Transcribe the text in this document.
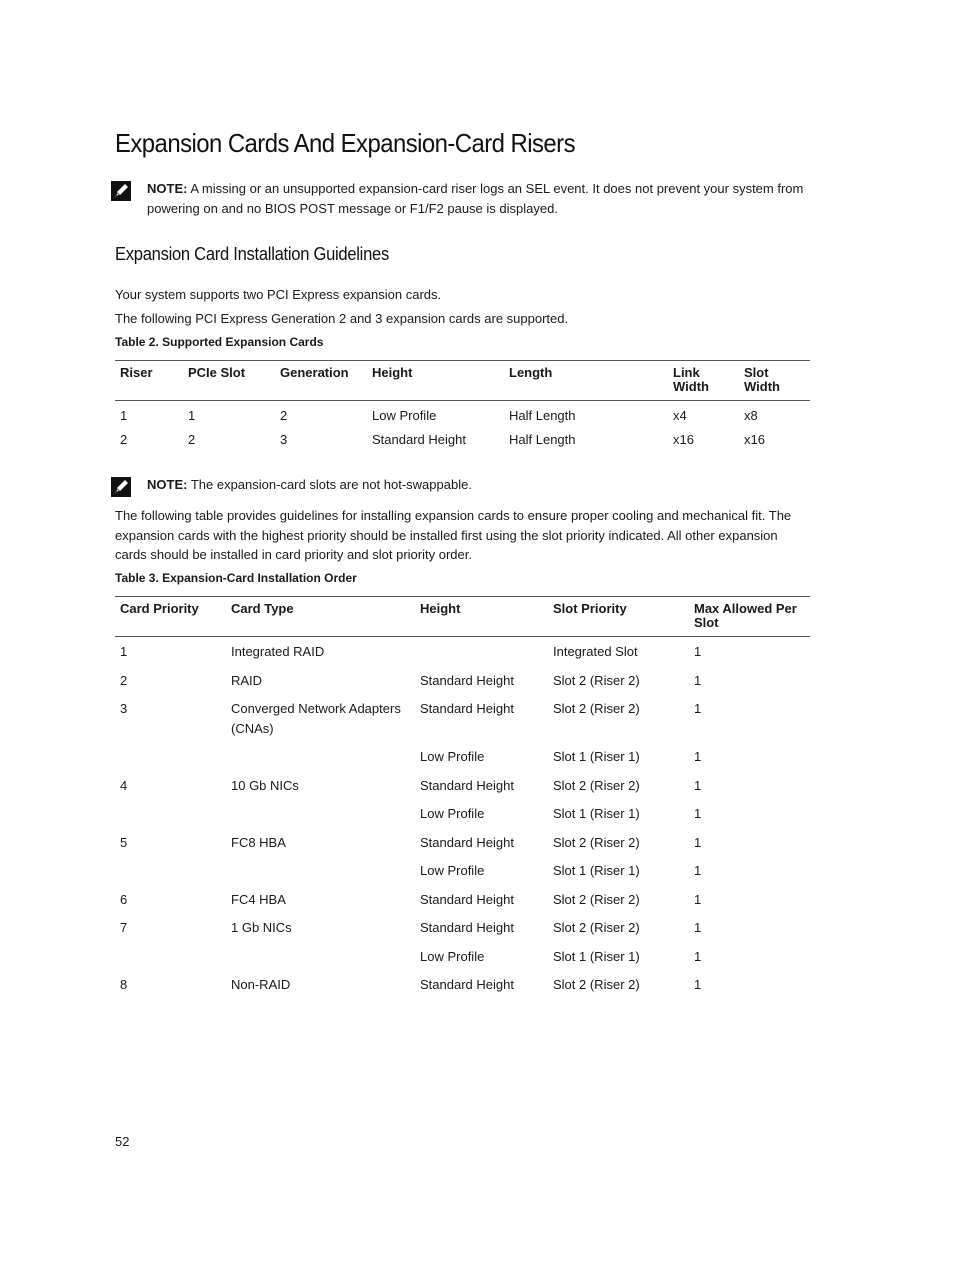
Expansion Cards And Expansion-Card Risers
NOTE: A missing or an unsupported expansion-card riser logs an SEL event. It does not prevent your system from powering on and no BIOS POST message or F1/F2 pause is displayed.
Expansion Card Installation Guidelines
Your system supports two PCI Express expansion cards.
The following PCI Express Generation 2 and 3 expansion cards are supported.
Table 2. Supported Expansion Cards
Riser	PCIe Slot	Generation	Height	Length	Link Width	Slot Width
1	1	2	Low Profile	Half Length	x4	x8
2	2	3	Standard Height	Half Length	x16	x16
NOTE: The expansion-card slots are not hot-swappable.
The following table provides guidelines for installing expansion cards to ensure proper cooling and mechanical fit. The expansion cards with the highest priority should be installed first using the slot priority indicated. All other expansion cards should be installed in card priority and slot priority order.
Table 3. Expansion-Card Installation Order
Card Priority	Card Type	Height	Slot Priority	Max Allowed Per Slot
1	Integrated RAID		Integrated Slot	1
2	RAID	Standard Height	Slot 2 (Riser 2)	1
3	Converged Network Adapters (CNAs)	Standard Height	Slot 2 (Riser 2)	1
		Low Profile	Slot 1 (Riser 1)	1
4	10 Gb NICs	Standard Height	Slot 2 (Riser 2)	1
		Low Profile	Slot 1 (Riser 1)	1
5	FC8 HBA	Standard Height	Slot 2 (Riser 2)	1
		Low Profile	Slot 1 (Riser 1)	1
6	FC4 HBA	Standard Height	Slot 2 (Riser 2)	1
7	1 Gb NICs	Standard Height	Slot 2 (Riser 2)	1
		Low Profile	Slot 1 (Riser 1)	1
8	Non-RAID	Standard Height	Slot 2 (Riser 2)	1
52
